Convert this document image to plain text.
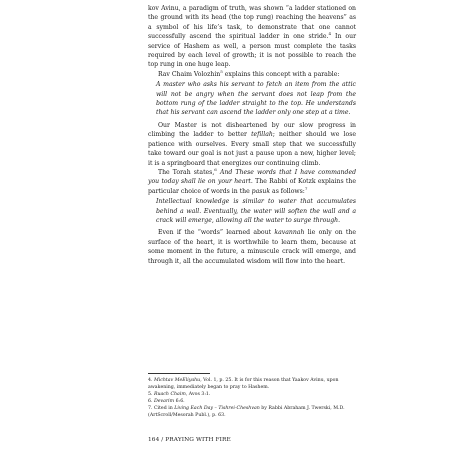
kov Avinu, a paradigm of truth, was shown “a ladder stationed on the ground with its head (the top rung) reaching the heavens” as a symbol of his life’s task, to demonstrate that one cannot successfully ascend the spiritual ladder in one stride.$^4$ In our service of Hashem as well, a person must complete the tasks required by each level of growth; it is not possible to reach the top rung in one huge leap.

Rav Chaim Volozhin$^5$ explains this concept with a parable:

A master who asks his servant to fetch an item from the attic will not be angry when the servant does not leap from the bottom rung of the ladder straight to the top. He understands that his servant can ascend the ladder only one step at a time.

Our Master is not disheartened by our slow progress in climbing the ladder to better tefillah; neither should we lose patience with ourselves. Every small step that we successfully take toward our goal is not just a pause upon a new, higher level; it is a springboard that energizes our continuing climb.

The Torah states,$^6$ And These words that I have commanded you today shall lie on your heart. The Rabbi of Kotzk explains the particular choice of words in the pasuk as follows:$^7$

Intellectual knowledge is similar to water that accumulates behind a wall. Eventually, the water will soften the wall and a crack will emerge, allowing all the water to surge through.

Even if the “words” learned about kavannah lie only on the surface of the heart, it is worthwhile to learn them, because at some moment in the future, a minuscule crack will emerge, and through it, all the accumulated wisdom will flow into the heart.

4. Michtav MeEliyahu, Vol. 1, p. 25. It is for this reason that Yaakov Avinu, upon awakening, immediately began to pray to Hashem.

5. Ruach Chaim, Avos 3:1.

6. Devarim 6:6.

7. Cited in Living Each Day – Tishrei-Cheshvan by Rabbi Abraham J. Twerski, M.D. (ArtScroll/Mesorah Publ.), p. 63.

164 / PRAYING WITH FIRE
